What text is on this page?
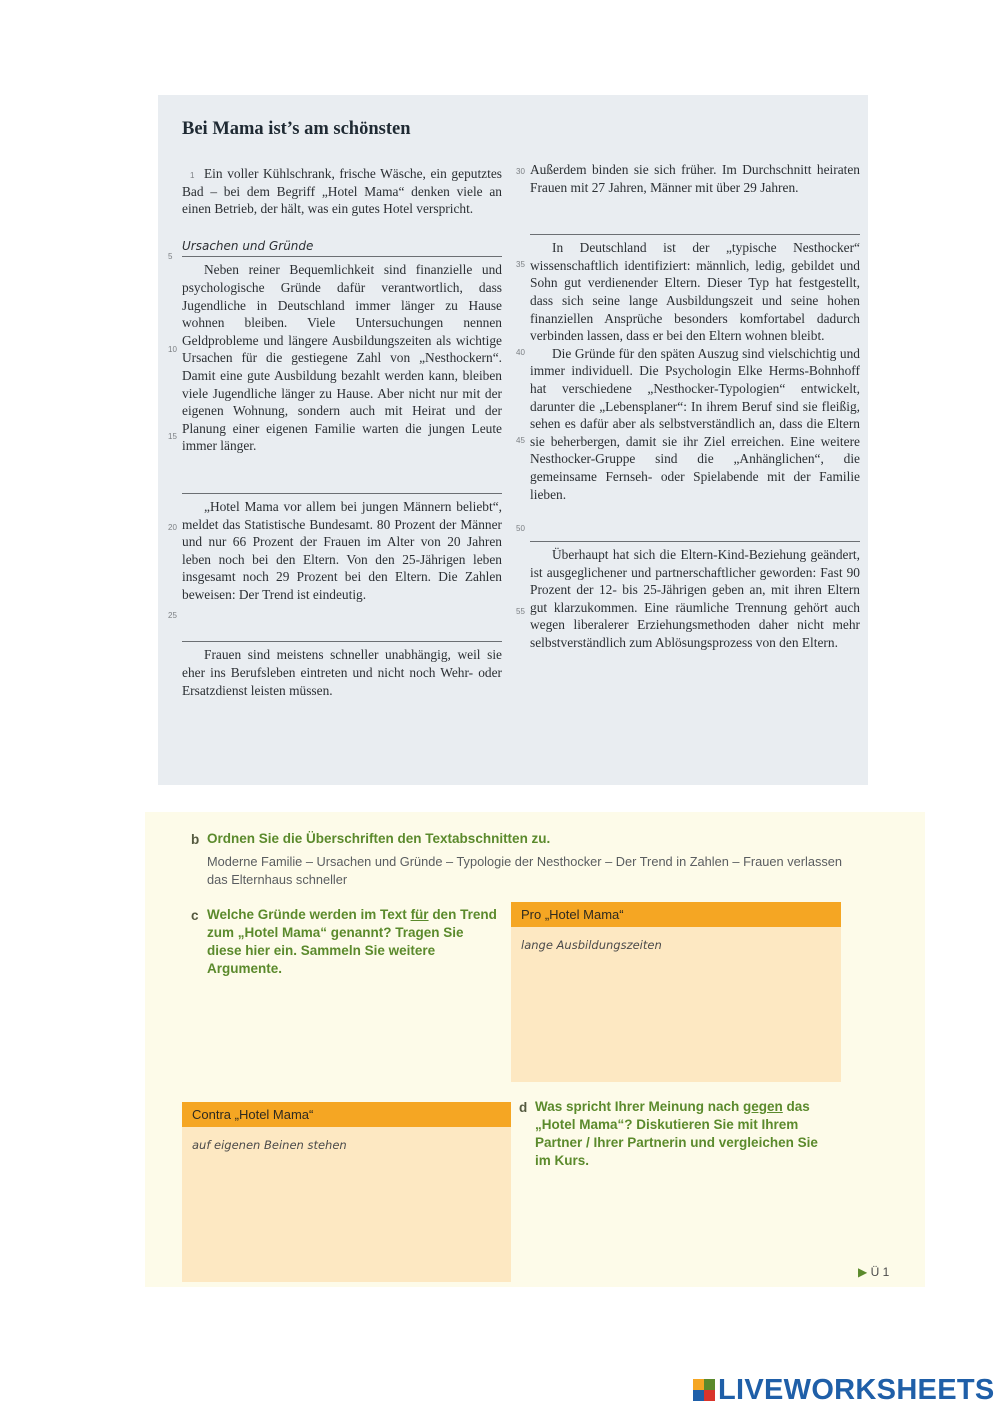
Bei Mama ist’s am schönsten
1 Ein voller Kühlschrank, frische Wäsche, ein geputztes Bad – bei dem Begriff „Hotel Mama“ denken viele an einen Betrieb, der hält, was ein gutes Hotel verspricht.
5
Ursachen und Gründe
Neben reiner Bequemlichkeit sind finanzielle und psychologische Gründe dafür verantwortlich, dass Jugendliche in Deutschland immer länger zu Hause wohnen bleiben. Viele Untersuchungen nennen Geldprobleme und längere Ausbildungszeiten als wichtige Ursachen für die gestiegene Zahl von „Nesthockern“. Damit eine gute Ausbildung bezahlt werden kann, bleiben viele Jugendliche länger zu Hause. Aber nicht nur mit der eigenen Wohnung, sondern auch mit Heirat und der Planung einer eigenen Familie warten die jungen Leute immer länger.
10
15
„Hotel Mama vor allem bei jungen Männern beliebt“, meldet das Statistische Bundesamt. 80 Prozent der Männer und nur 66 Prozent der Frauen im Alter von 20 Jahren leben noch bei den Eltern. Von den 25-Jährigen leben insgesamt noch 29 Prozent bei den Eltern. Die Zahlen beweisen: Der Trend ist eindeutig.
20
25
Frauen sind meistens schneller unabhängig, weil sie eher ins Berufsleben eintreten und nicht noch Wehr- oder Ersatzdienst leisten müssen.
30 Außerdem binden sie sich früher. Im Durchschnitt heiraten Frauen mit 27 Jahren, Männer mit über 29 Jahren.
In Deutschland ist der „typische Nesthocker“ wissenschaftlich identifiziert: männlich, ledig, gebildet und Sohn gut verdienender Eltern. Dieser Typ hat festgestellt, dass sich seine lange Ausbildungszeit und seine hohen finanziellen Ansprüche besonders komfortabel dadurch verbinden lassen, dass er bei den Eltern wohnen bleibt.
Die Gründe für den späten Auszug sind vielschichtig und immer individuell. Die Psychologin Elke Herms-Bohnhoff hat verschiedene „Nesthocker-Typologien“ entwickelt, darunter die „Lebensplaner“: In ihrem Beruf sind sie fleißig, sehen es dafür aber als selbstverständlich an, dass die Eltern sie beherbergen, damit sie ihr Ziel erreichen. Eine weitere Nesthocker-Gruppe sind die „Anhänglichen“, die gemeinsame Fernseh- oder Spielabende mit der Familie lieben.
35
40
45
50
Überhaupt hat sich die Eltern-Kind-Beziehung geändert, ist ausgeglichener und partnerschaftlicher geworden: Fast 90 Prozent der 12- bis 25-Jährigen geben an, mit ihren Eltern gut klarzukommen. Eine räumliche Trennung gehört auch wegen liberalerer Erziehungsmethoden daher nicht mehr selbstverständlich zum Ablösungsprozess von den Eltern.
55
b Ordnen Sie die Überschriften den Textabschnitten zu.
Moderne Familie – Ursachen und Gründe – Typologie der Nesthocker – Der Trend in Zahlen – Frauen verlassen das Elternhaus schneller
c Welche Gründe werden im Text für den Trend zum „Hotel Mama“ genannt? Tragen Sie diese hier ein. Sammeln Sie weitere Argumente.
Pro „Hotel Mama“
lange Ausbildungszeiten
d Was spricht Ihrer Meinung nach gegen das „Hotel Mama“? Diskutieren Sie mit Ihrem Partner / Ihrer Partnerin und vergleichen Sie im Kurs.
Contra „Hotel Mama“
auf eigenen Beinen stehen
▶ Ü 1
LIVEWORKSHEETS
